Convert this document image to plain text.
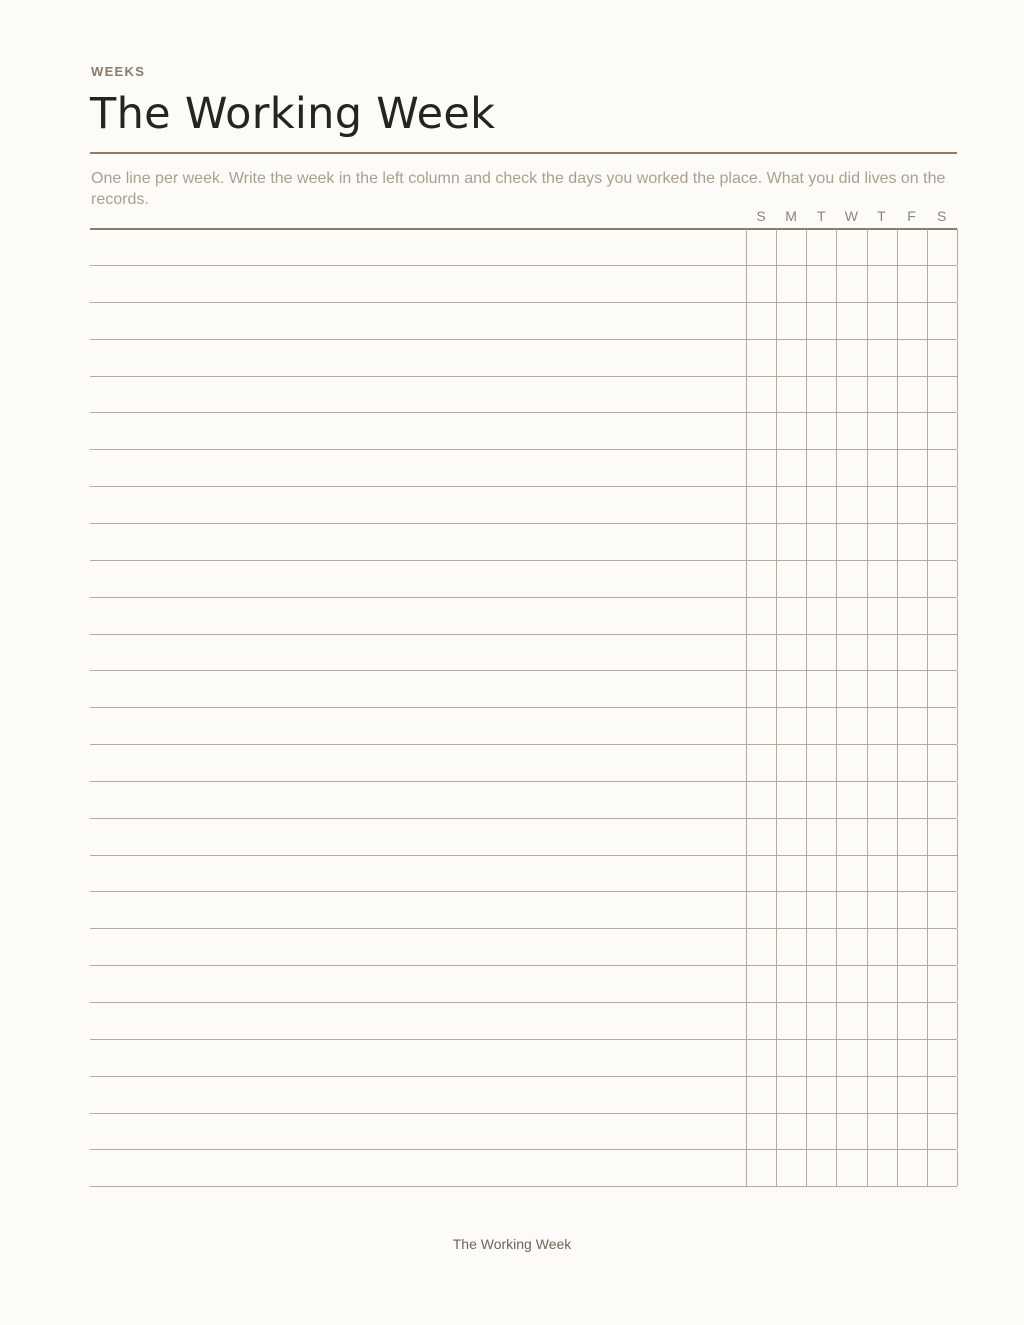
WEEKS
The Working Week

One line per week. Write the week in the left column and check the days you worked the place. What you did lives on the records.

S	M	T	W	T	F	S
The Working Week
